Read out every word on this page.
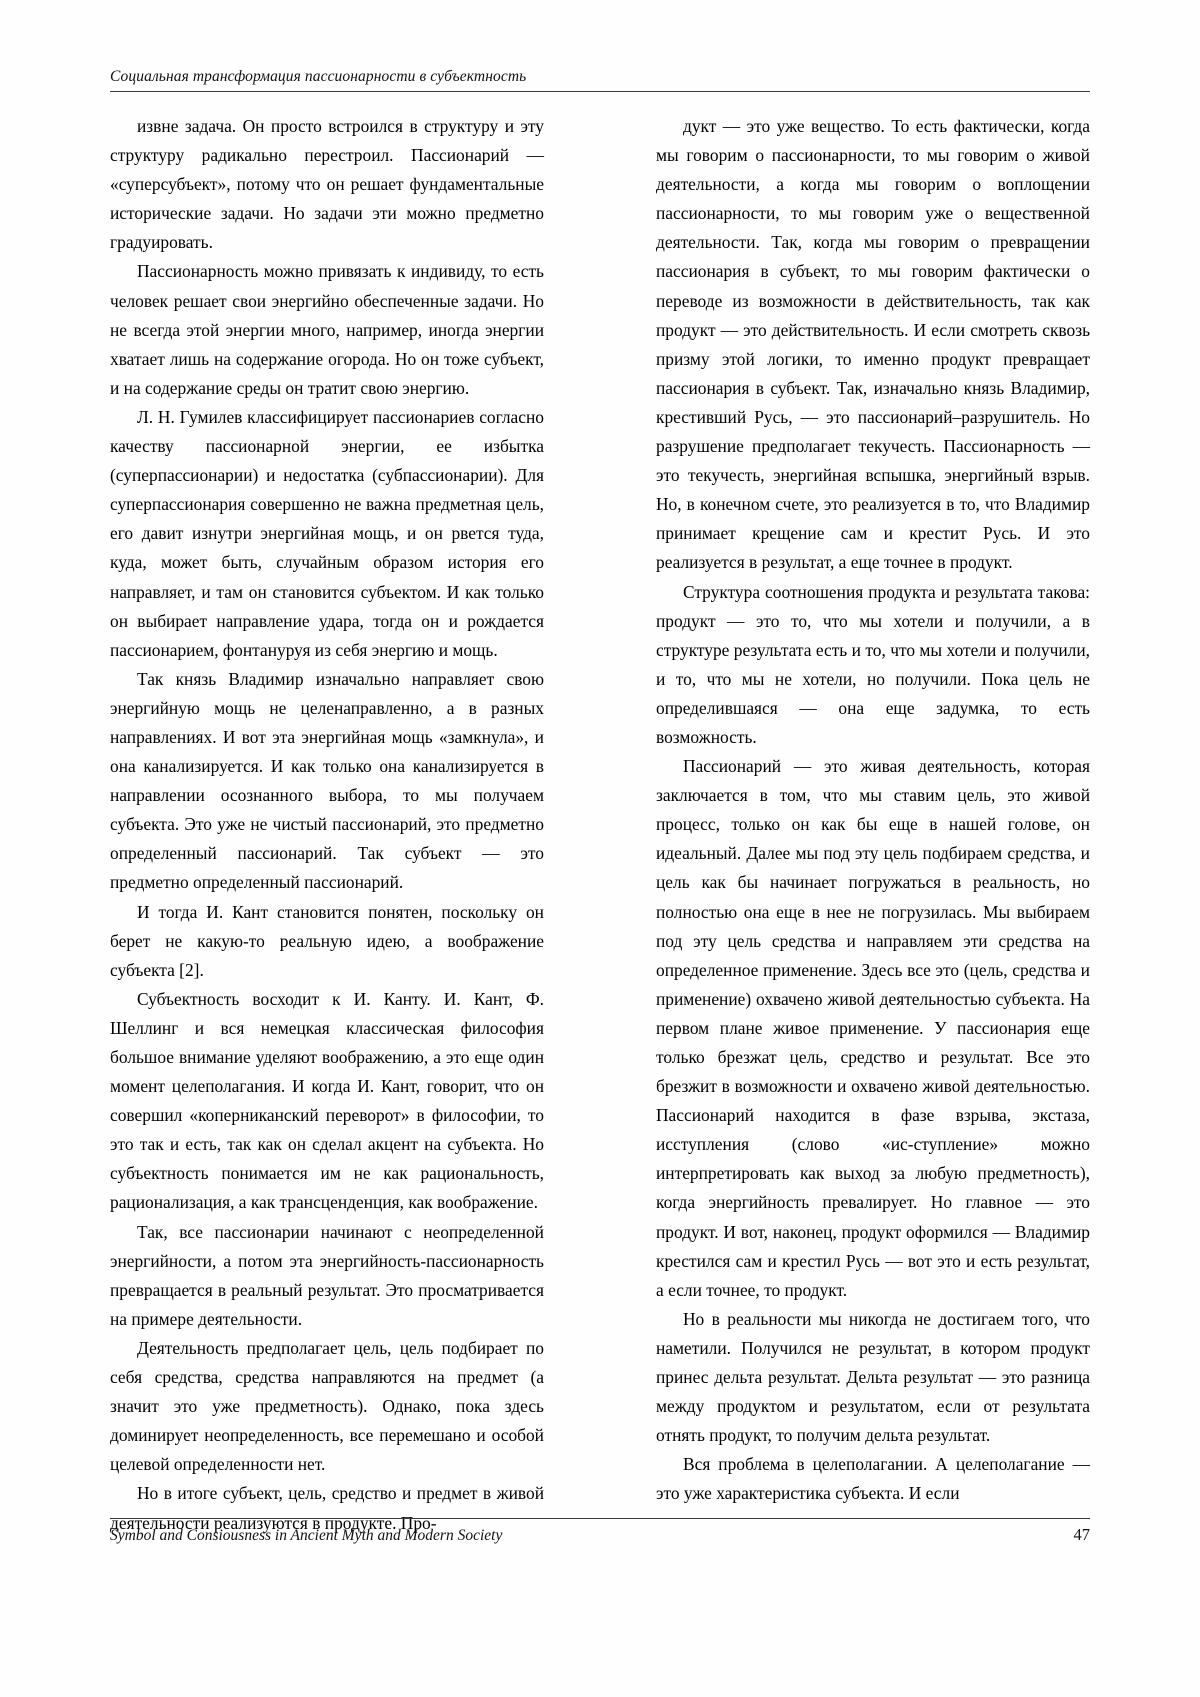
Социальная трансформация пассионарности в субъектность

извне задача. Он просто встроился в структуру и эту структуру радикально перестроил. Пассионарий — «суперсубъект», потому что он решает фундаментальные исторические задачи. Но задачи эти можно предметно градуировать.

Пассионарность можно привязать к индивиду, то есть человек решает свои энергийно обеспеченные задачи. Но не всегда этой энергии много, например, иногда энергии хватает лишь на содержание огорода. Но он тоже субъект, и на содержание среды он тратит свою энергию.

Л. Н. Гумилев классифицирует пассионариев согласно качеству пассионарной энергии, ее избытка (суперпассионарии) и недостатка (субпассионарии). Для суперпассионария совершенно не важна предметная цель, его давит изнутри энергийная мощь, и он рвется туда, куда, может быть, случайным образом история его направляет, и там он становится субъектом. И как только он выбирает направление удара, тогда он и рождается пассионарием, фонтануруя из себя энергию и мощь.

Так князь Владимир изначально направляет свою энергийную мощь не целенаправленно, а в разных направлениях. И вот эта энергийная мощь «замкнула», и она канализируется. И как только она канализируется в направлении осознанного выбора, то мы получаем субъекта. Это уже не чистый пассионарий, это предметно определенный пассионарий. Так субъект — это предметно определенный пассионарий.

И тогда И. Кант становится понятен, поскольку он берет не какую-то реальную идею, а воображение субъекта [2].

Субъектность восходит к И. Канту. И. Кант, Ф. Шеллинг и вся немецкая классическая философия большое внимание уделяют воображению, а это еще один момент целеполагания. И когда И. Кант, говорит, что он совершил «коперниканский переворот» в философии, то это так и есть, так как он сделал акцент на субъекта. Но субъектность понимается им не как рациональность, рационализация, а как трансценденция, как воображение.

Так, все пассионарии начинают с неопределенной энергийности, а потом эта энергийность-пассионарность превращается в реальный результат. Это просматривается на примере деятельности.

Деятельность предполагает цель, цель подбирает по себя средства, средства направляются на предмет (а значит это уже предметность). Однако, пока здесь доминирует неопределенность, все перемешано и особой целевой определенности нет.

Но в итоге субъект, цель, средство и предмет в живой деятельности реализуются в продукте. Про-

дукт — это уже вещество. То есть фактически, когда мы говорим о пассионарности, то мы говорим о живой деятельности, а когда мы говорим о воплощении пассионарности, то мы говорим уже о вещественной деятельности. Так, когда мы говорим о превращении пассионария в субъект, то мы говорим фактически о переводе из возможности в действительность, так как продукт — это действительность. И если смотреть сквозь призму этой логики, то именно продукт превращает пассионария в субъект. Так, изначально князь Владимир, крестивший Русь, — это пассионарий–разрушитель. Но разрушение предполагает текучесть. Пассионарность — это текучесть, энергийная вспышка, энергийный взрыв. Но, в конечном счете, это реализуется в то, что Владимир принимает крещение сам и крестит Русь. И это реализуется в результат, а еще точнее в продукт.

Структура соотношения продукта и результата такова: продукт — это то, что мы хотели и получили, а в структуре результата есть и то, что мы хотели и получили, и то, что мы не хотели, но получили. Пока цель не определившаяся — она еще задумка, то есть возможность.

Пассионарий — это живая деятельность, которая заключается в том, что мы ставим цель, это живой процесс, только он как бы еще в нашей голове, он идеальный. Далее мы под эту цель подбираем средства, и цель как бы начинает погружаться в реальность, но полностью она еще в нее не погрузилась. Мы выбираем под эту цель средства и направляем эти средства на определенное применение. Здесь все это (цель, средства и применение) охвачено живой деятельностью субъекта. На первом плане живое применение. У пассионария еще только брезжат цель, средство и результат. Все это брезжит в возможности и охвачено живой деятельностью. Пассионарий находится в фазе взрыва, экстаза, исступления (слово «ис-ступление» можно интерпретировать как выход за любую предметность), когда энергийность превалирует. Но главное — это продукт. И вот, наконец, продукт оформился — Владимир крестился сам и крестил Русь — вот это и есть результат, а если точнее, то продукт.

Но в реальности мы никогда не достигаем того, что наметили. Получился не результат, в котором продукт принес дельта результат. Дельта результат — это разница между продуктом и результатом, если от результата отнять продукт, то получим дельта результат.

Вся проблема в целеполагании. А целеполагание — это уже характеристика субъекта. И если

Symbol and Consiousness in Ancient Myth and Modern Society	47
